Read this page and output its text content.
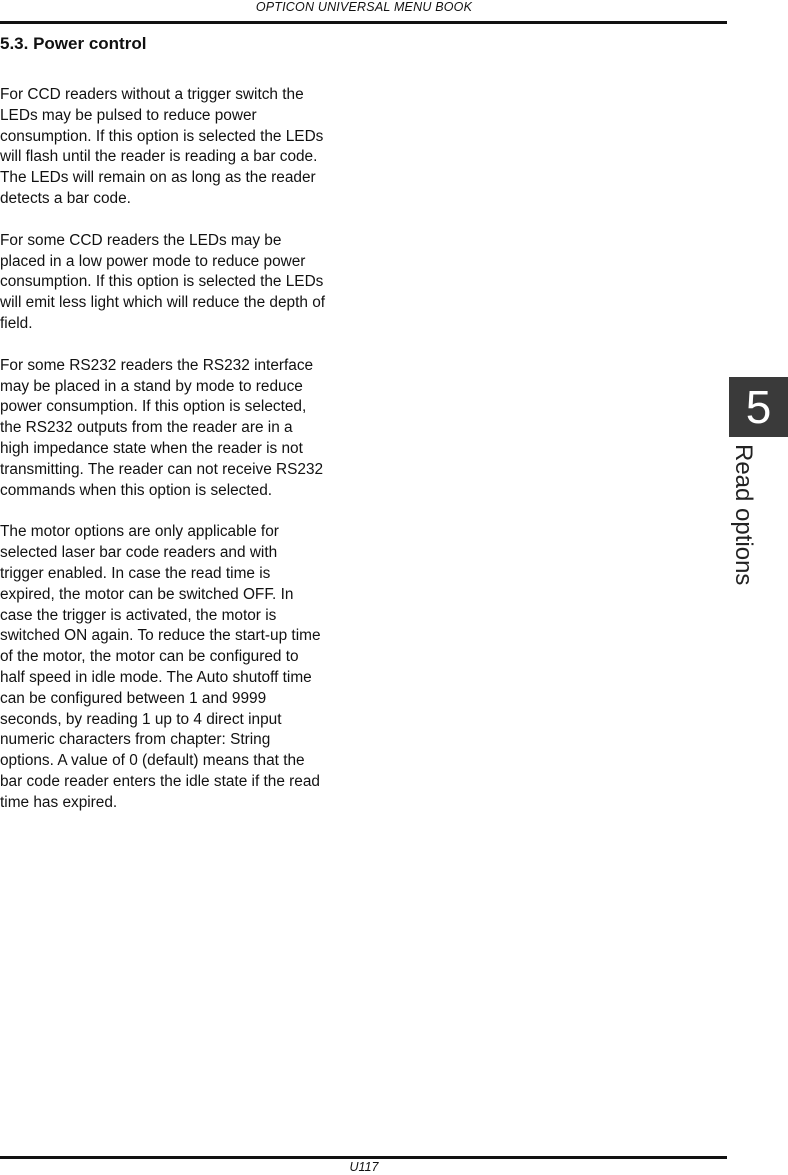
OPTICON UNIVERSAL MENU BOOK
5.3. Power control

For CCD readers without a trigger switch the
LEDs may be pulsed to reduce power
consumption. If this option is selected the LEDs
will flash until the reader is reading a bar code.
The LEDs will remain on as long as the reader
detects a bar code.

For some CCD readers the LEDs may be
placed in a low power mode to reduce power
consumption. If this option is selected the LEDs
will emit less light which will reduce the depth of
field.

For some RS232 readers the RS232 interface
may be placed in a stand by mode to reduce
power consumption. If this option is selected,
the RS232 outputs from the reader are in a
high impedance state when the reader is not
transmitting. The reader can not receive RS232
commands when this option is selected.

The motor options are only applicable for
selected laser bar code readers and with
trigger enabled. In case the read time is
expired, the motor can be switched OFF. In
case the trigger is activated, the motor is
switched ON again. To reduce the start-up time
of the motor, the motor can be configured to
half speed in idle mode. The Auto shutoff time
can be configured between 1 and 9999
seconds, by reading 1 up to 4 direct input
numeric characters from chapter: String
options. A value of 0 (default) means that the
bar code reader enters the idle state if the read
time has expired.

5
Read options
U117
